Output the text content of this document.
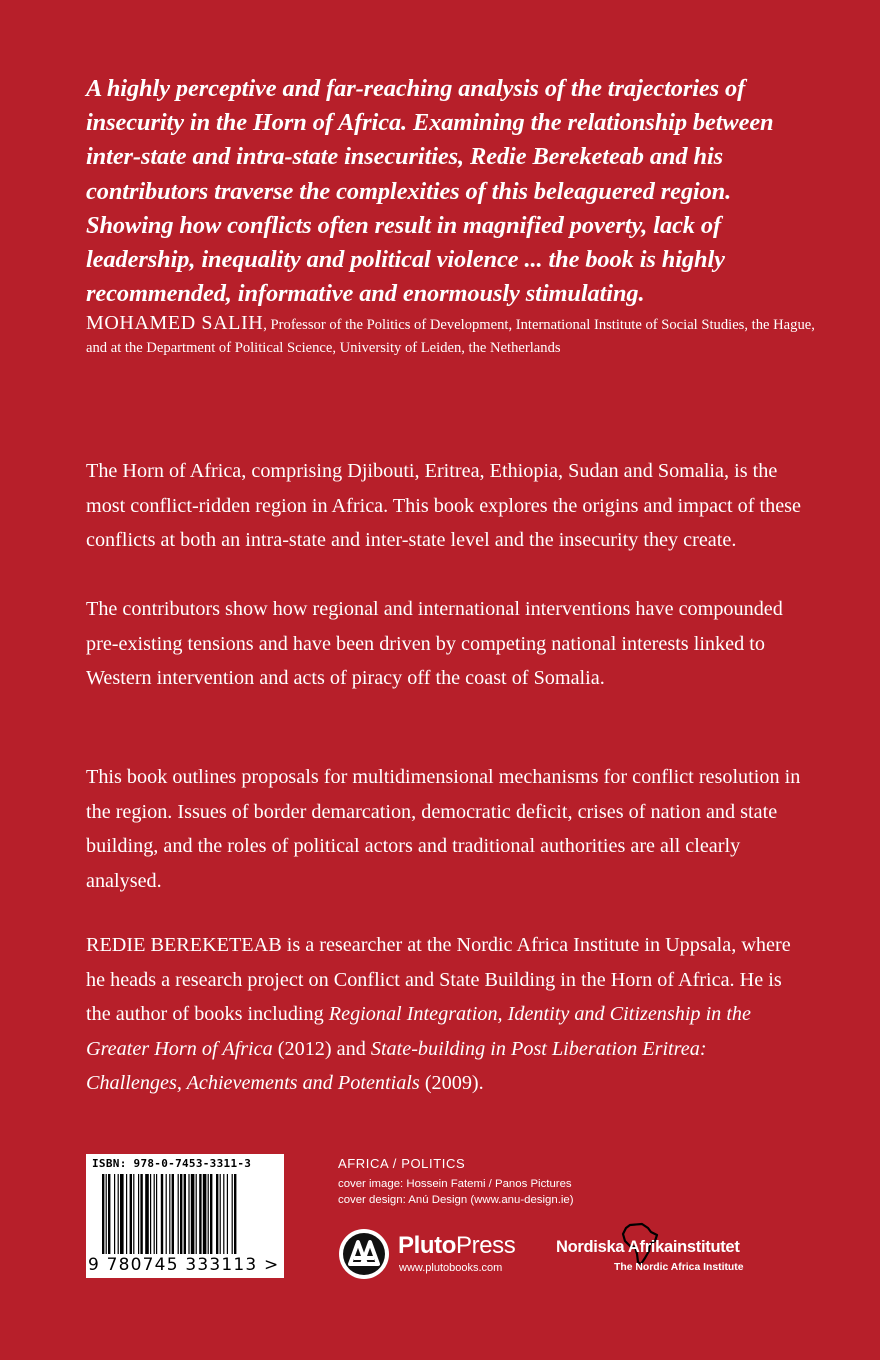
A highly perceptive and far-reaching analysis of the trajectories of insecurity in the Horn of Africa. Examining the relationship between inter-state and intra-state insecurities, Redie Bereketeab and his contributors traverse the complexities of this beleaguered region. Showing how conflicts often result in magnified poverty, lack of leadership, inequality and political violence ... the book is highly recommended, informative and enormously stimulating.
MOHAMED SALIH, Professor of the Politics of Development, International Institute of Social Studies, the Hague, and at the Department of Political Science, University of Leiden, the Netherlands
The Horn of Africa, comprising Djibouti, Eritrea, Ethiopia, Sudan and Somalia, is the most conflict-ridden region in Africa. This book explores the origins and impact of these conflicts at both an intra-state and inter-state level and the insecurity they create.
The contributors show how regional and international interventions have compounded pre-existing tensions and have been driven by competing national interests linked to Western intervention and acts of piracy off the coast of Somalia.
This book outlines proposals for multidimensional mechanisms for conflict resolution in the region. Issues of border demarcation, democratic deficit, crises of nation and state building, and the roles of political actors and traditional authorities are all clearly analysed.
REDIE BEREKETEAB is a researcher at the Nordic Africa Institute in Uppsala, where he heads a research project on Conflict and State Building in the Horn of Africa. He is the author of books including Regional Integration, Identity and Citizenship in the Greater Horn of Africa (2012) and State-building in Post Liberation Eritrea: Challenges, Achievements and Potentials (2009).
ISBN: 978-0-7453-3311-3
9 780745 333113 >
AFRICA / POLITICS
cover image: Hossein Fatemi / Panos Pictures
cover design: Anú Design (www.anu-design.ie)
PlutoPress
www.plutobooks.com
Nordiska Afrikainstitutet
The Nordic Africa Institute
